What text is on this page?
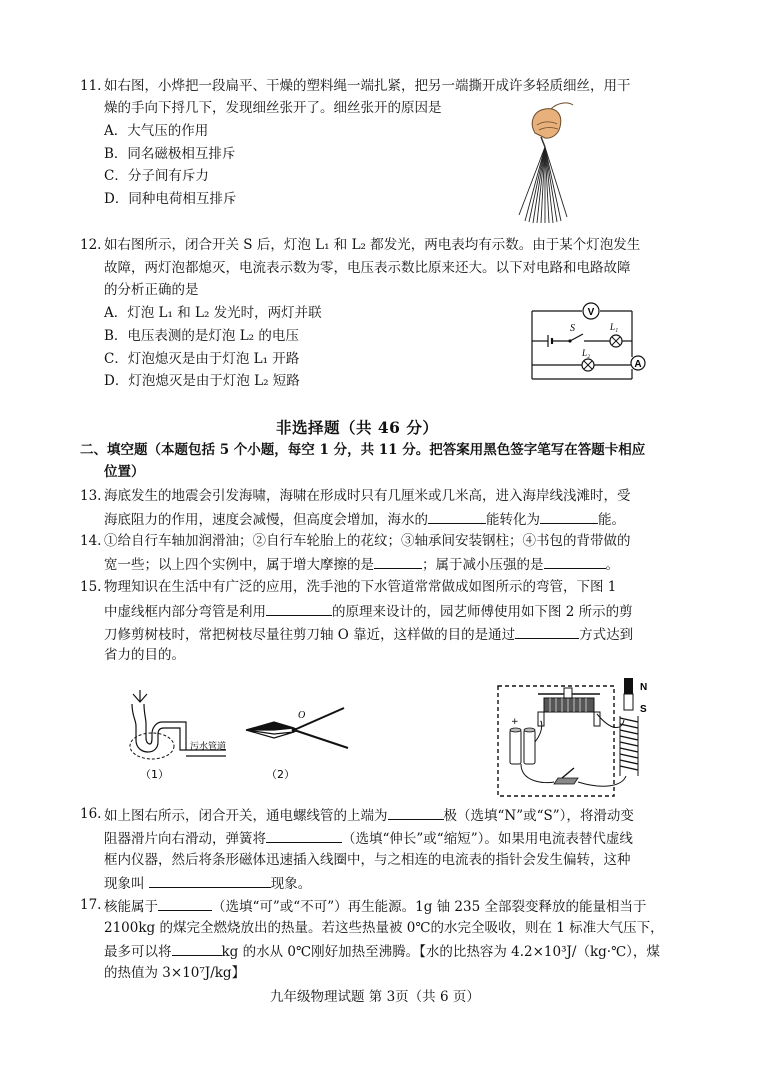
11. 如右图，小烨把一段扁平、干燥的塑料绳一端扎紧，把另一端撕开成许多轻质细丝，用干
燥的手向下捋几下，发现细丝张开了。细丝张开的原因是
A．大气压的作用
B．同名磁极相互排斥
C．分子间有斥力
D．同种电荷相互排斥
12. 如右图所示，闭合开关 S 后，灯泡 L₁ 和 L₂ 都发光，两电表均有示数。由于某个灯泡发生
故障，两灯泡都熄灭，电流表示数为零，电压表示数比原来还大。以下对电路和电路故障
的分析正确的是
A．灯泡 L₁ 和 L₂ 发光时，两灯并联
B．电压表测的是灯泡 L₂ 的电压
C．灯泡熄灭是由于灯泡 L₁ 开路
D．灯泡熄灭是由于灯泡 L₂ 短路
V
A
S	L₁
L₂
非选择题（共 46 分）
二、填空题（本题包括 5 个小题，每空 1 分，共 11 分。把答案用黑色签字笔写在答题卡相应
位置）
13. 海底发生的地震会引发海啸，海啸在形成时只有几厘米或几米高，进入海岸线浅滩时，受
海底阻力的作用，速度会减慢，但高度会增加，海水的	能转化为	能。
14. ①给自行车轴加润滑油；②自行车轮胎上的花纹；③轴承间安装钢柱；④书包的背带做的
宽一些；以上四个实例中，属于增大摩擦的是	；属于减小压强的是	。
15. 物理知识在生活中有广泛的应用，洗手池的下水管道常常做成如图所示的弯管，下图 1
中虚线框内部分弯管是利用	的原理来设计的，园艺师傅使用如下图 2 所示的剪
刀修剪树枝时，常把树枝尽量往剪刀轴 O 靠近，这样做的目的是通过	方式达到
省力的目的。
污水管道
（1）
O
（2）
+
N
S
16. 如上图右所示，闭合开关，通电螺线管的上端为	极（选填“N”或“S”），将滑动变
阻器滑片向右滑动，弹簧将	（选填“伸长”或“缩短”）。如果用电流表替代虚线
框内仪器，然后将条形磁体迅速插入线圈中，与之相连的电流表的指针会发生偏转，这种
现象叫	现象。
17. 核能属于	（选填“可”或“不可”）再生能源。1g 铀 235 全部裂变释放的能量相当于
2100kg 的煤完全燃烧放出的热量。若这些热量被 0℃的水完全吸收，则在 1 标准大气压下，
最多可以将	kg 的水从 0℃刚好加热至沸腾。【水的比热容为 4.2×10³J/（kg·℃），煤
的热值为 3×10⁷J/kg】
九年级物理试题 第 3页（共 6 页）
